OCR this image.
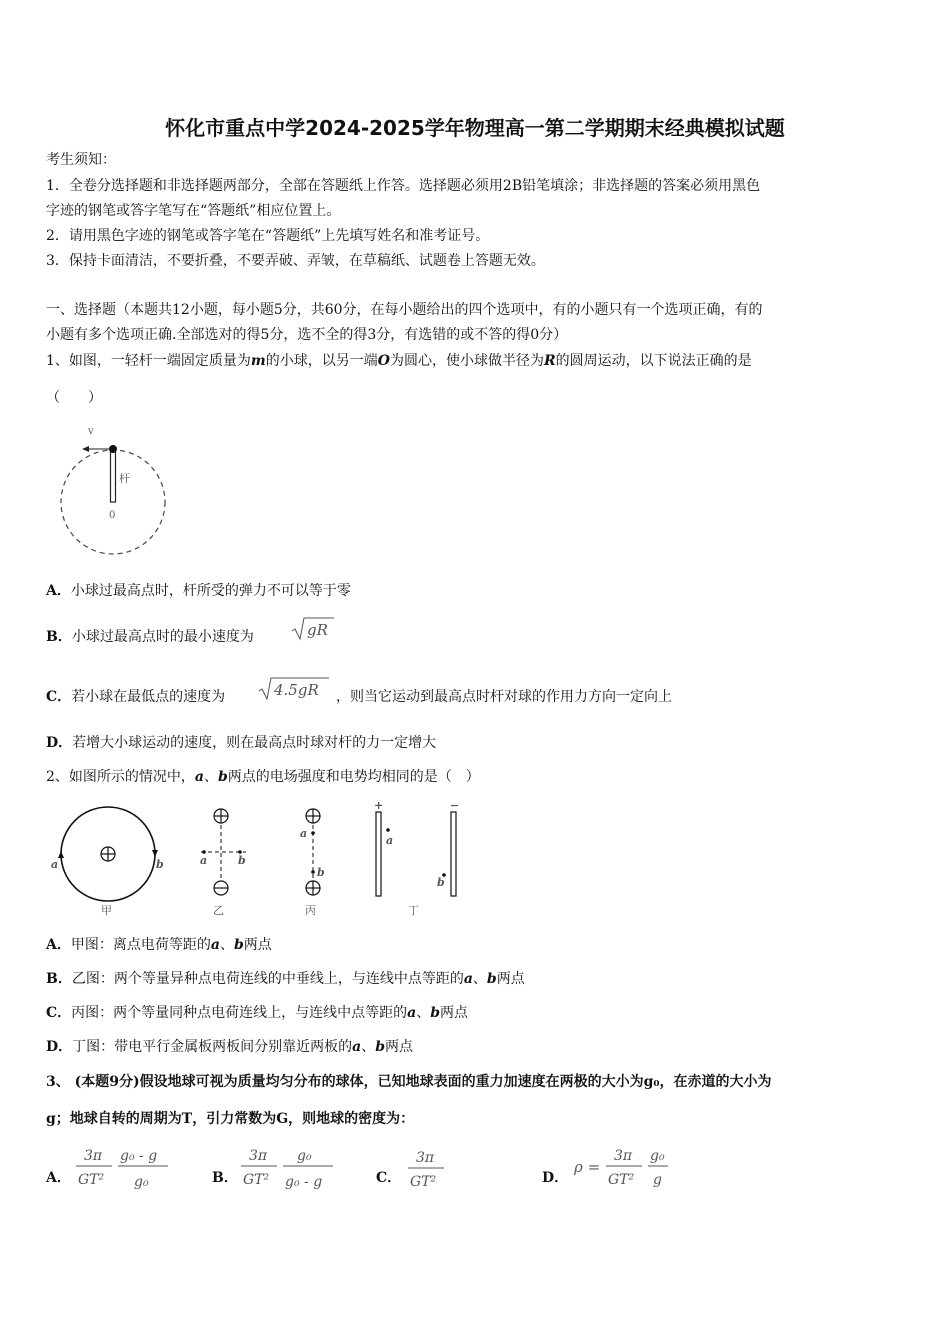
怀化市重点中学2024-2025学年物理高一第二学期期末经典模拟试题
考生须知：
1．全卷分选择题和非选择题两部分，全部在答题纸上作答。选择题必须用2B铅笔填涂；非选择题的答案必须用黑色
字迹的钢笔或答字笔写在“答题纸”相应位置上。
2．请用黑色字迹的钢笔或答字笔在“答题纸”上先填写姓名和准考证号。
3．保持卡面清洁，不要折叠，不要弄破、弄皱，在草稿纸、试题卷上答题无效。
一、选择题（本题共12小题，每小题5分，共60分，在每小题给出的四个选项中，有的小题只有一个选项正确，有的
小题有多个选项正确.全部选对的得5分，选不全的得3分，有选错的或不答的得0分）
1、如图，一轻杆一端固定质量为m的小球，以另一端O为圆心，使小球做半径为R的圆周运动，以下说法正确的是
（　　）
v
杆
0
A．小球过最高点时，杆所受的弹力不可以等于零
B．小球过最高点时的最小速度为	gR
C．若小球在最低点的速度为	4.5gR ，则当它运动到最高点时杆对球的作用力方向一定向上
D．若增大小球运动的速度，则在最高点时球对杆的力一定增大
2、如图所示的情况中，a、b两点的电场强度和电势均相同的是（　）
a	b
甲
a	b
乙
a
b
丙
+	−
a
b
丁
A．甲图：离点电荷等距的a、b两点
B．乙图：两个等量异种点电荷连线的中垂线上，与连线中点等距的a、b两点
C．丙图：两个等量同种点电荷连线上，与连线中点等距的a、b两点
D．丁图：带电平行金属板两板间分别靠近两板的a、b两点
3、 (本题9分)假设地球可视为质量均匀分布的球体，已知地球表面的重力加速度在两极的大小为g₀，在赤道的大小为
g；地球自转的周期为T，引力常数为G，则地球的密度为：
A．
3π
GT²
g₀ - g
g₀	B．
3π
GT²
g₀
g₀ - g	C．
3π
GT²	D．
ρ =
3π
GT²
g₀
g
